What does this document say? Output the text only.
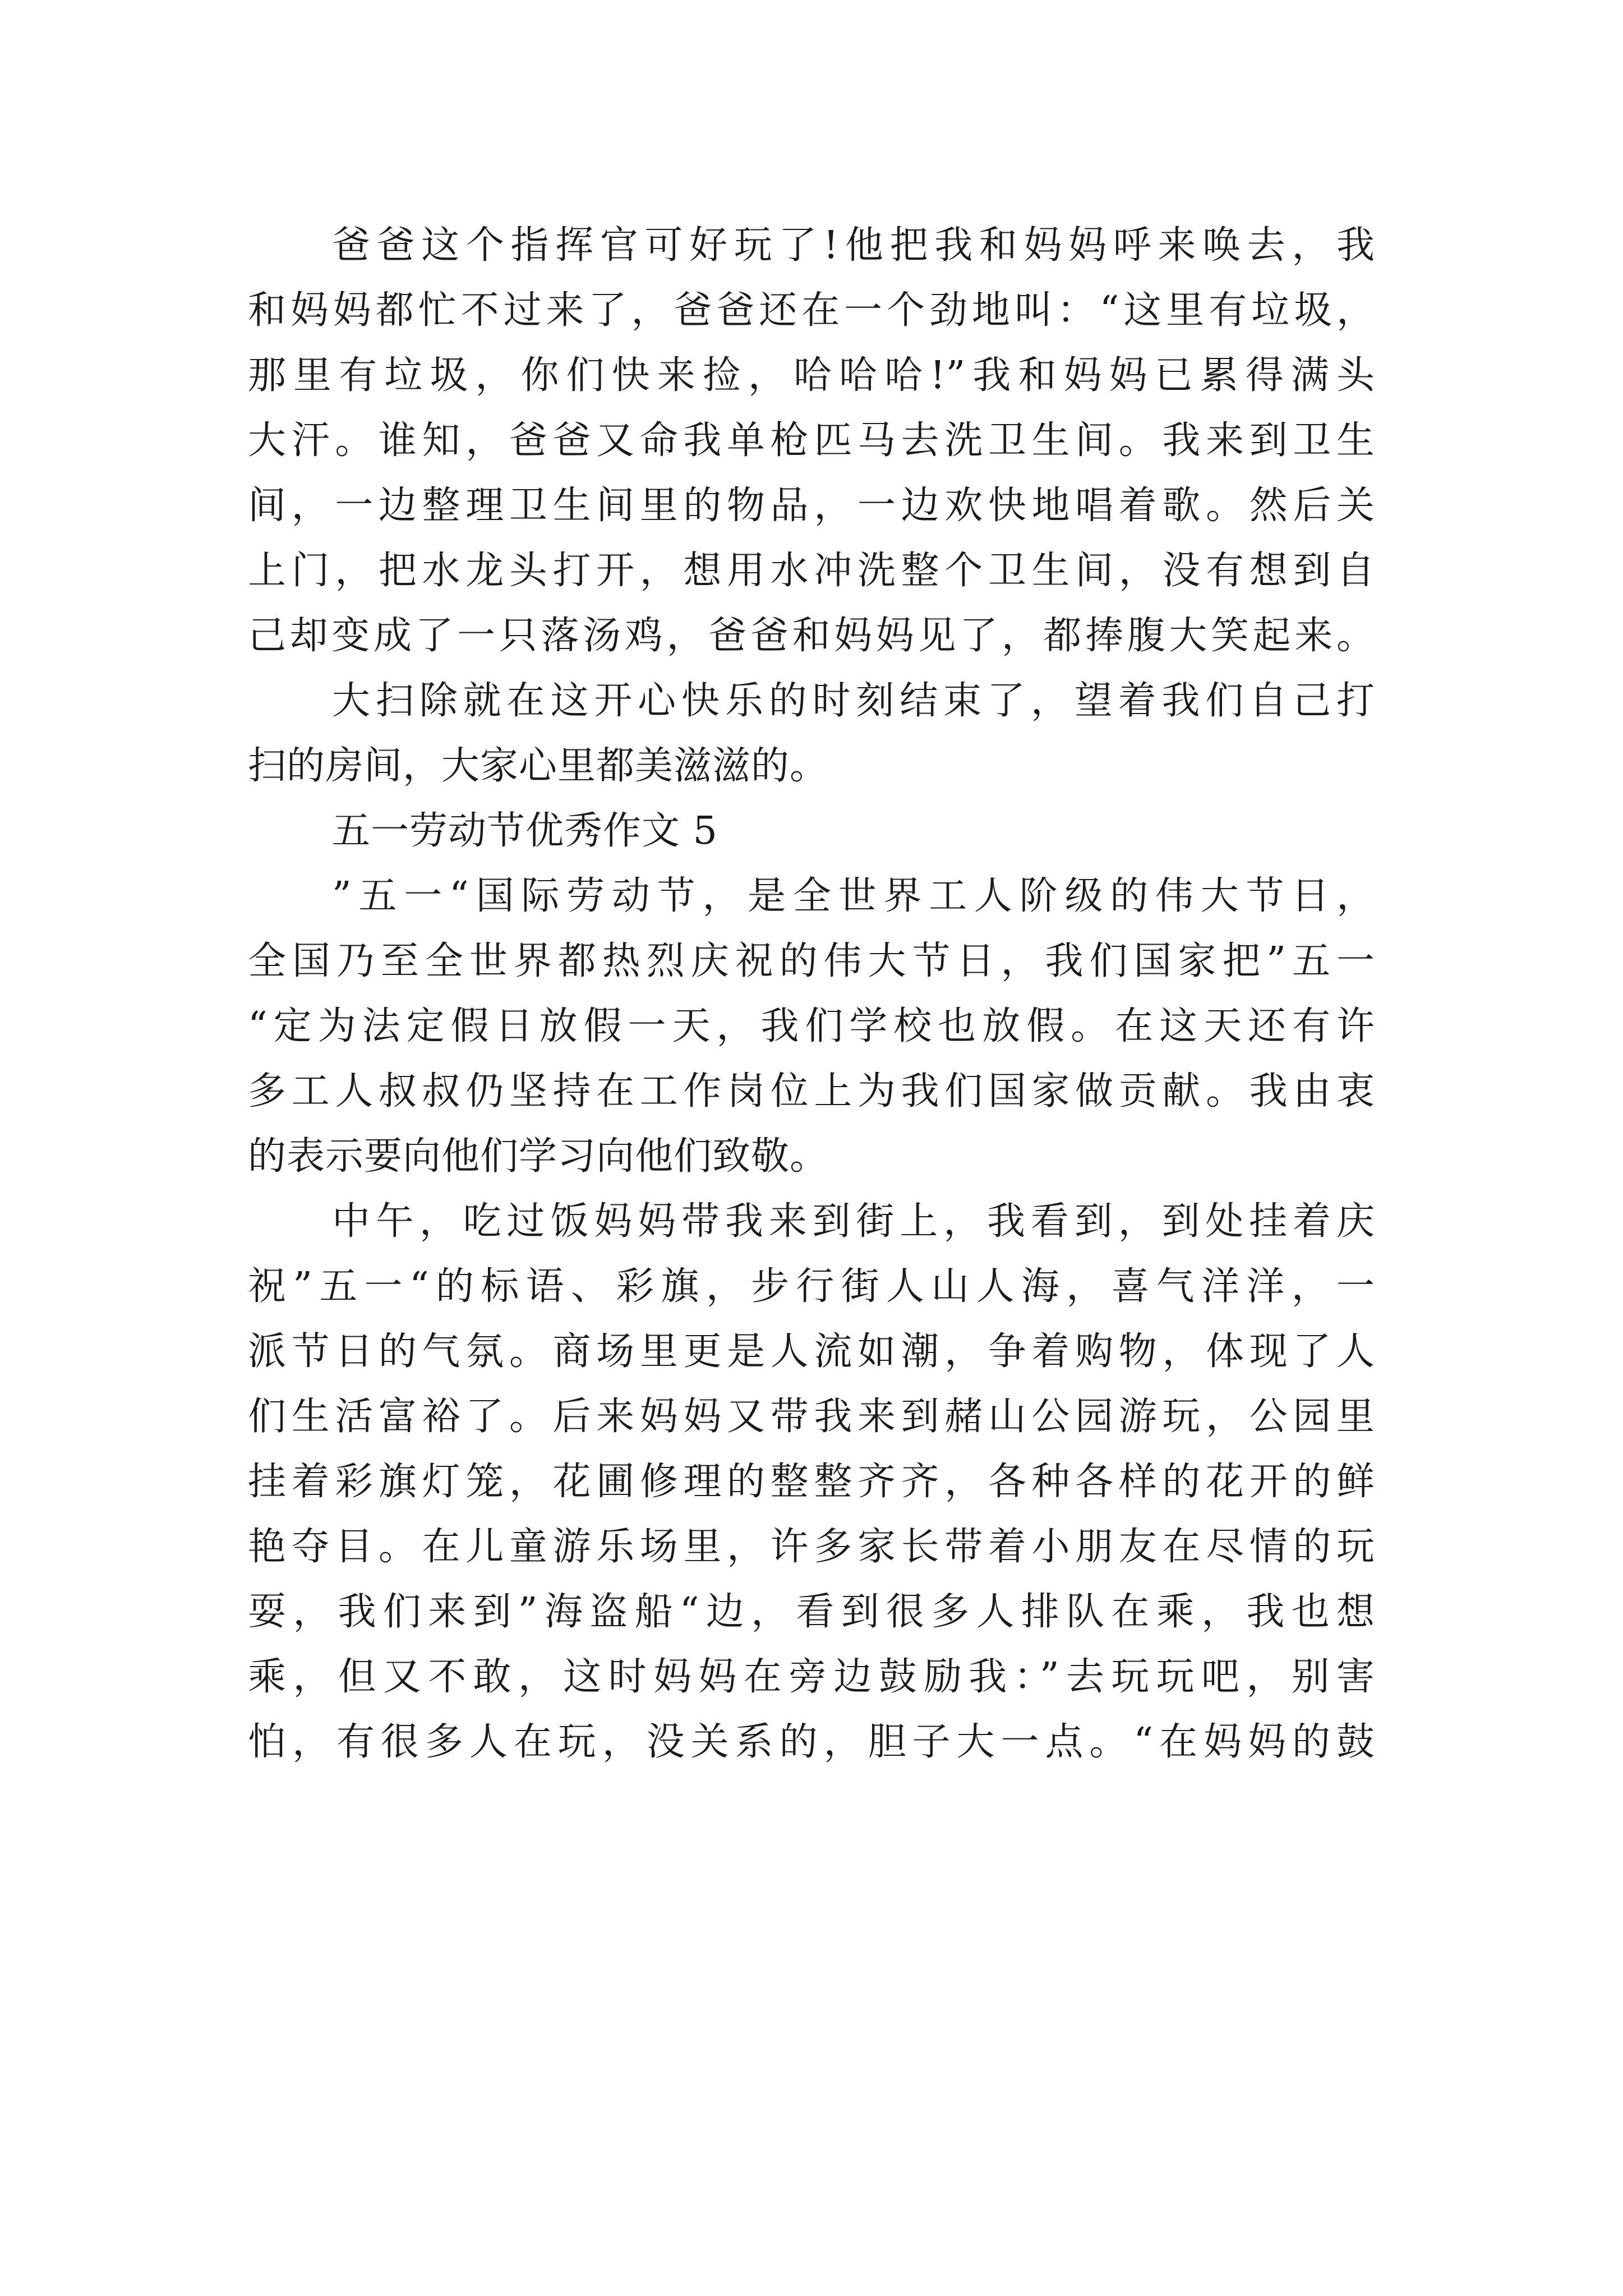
爸爸这个指挥官可好玩了!他把我和妈妈呼来唤去，我
和妈妈都忙不过来了，爸爸还在一个劲地叫：“这里有垃圾，
那里有垃圾，你们快来捡，哈哈哈!”我和妈妈已累得满头
大汗。谁知，爸爸又命我单枪匹马去洗卫生间。我来到卫生
间，一边整理卫生间里的物品，一边欢快地唱着歌。然后关
上门，把水龙头打开，想用水冲洗整个卫生间，没有想到自
己却变成了一只落汤鸡，爸爸和妈妈见了，都捧腹大笑起来。
大扫除就在这开心快乐的时刻结束了，望着我们自己打
扫的房间，大家心里都美滋滋的。
五一劳动节优秀作文 5
”五一“国际劳动节，是全世界工人阶级的伟大节日，
全国乃至全世界都热烈庆祝的伟大节日，我们国家把”五一
“定为法定假日放假一天，我们学校也放假。在这天还有许
多工人叔叔仍坚持在工作岗位上为我们国家做贡献。我由衷
的表示要向他们学习向他们致敬。
中午，吃过饭妈妈带我来到街上，我看到，到处挂着庆
祝”五一“的标语、彩旗，步行街人山人海，喜气洋洋，一
派节日的气氛。商场里更是人流如潮，争着购物，体现了人
们生活富裕了。后来妈妈又带我来到赭山公园游玩，公园里
挂着彩旗灯笼，花圃修理的整整齐齐，各种各样的花开的鲜
艳夺目。在儿童游乐场里，许多家长带着小朋友在尽情的玩
耍，我们来到”海盗船“边，看到很多人排队在乘，我也想
乘，但又不敢，这时妈妈在旁边鼓励我：”去玩玩吧，别害
怕，有很多人在玩，没关系的，胆子大一点。“在妈妈的鼓
